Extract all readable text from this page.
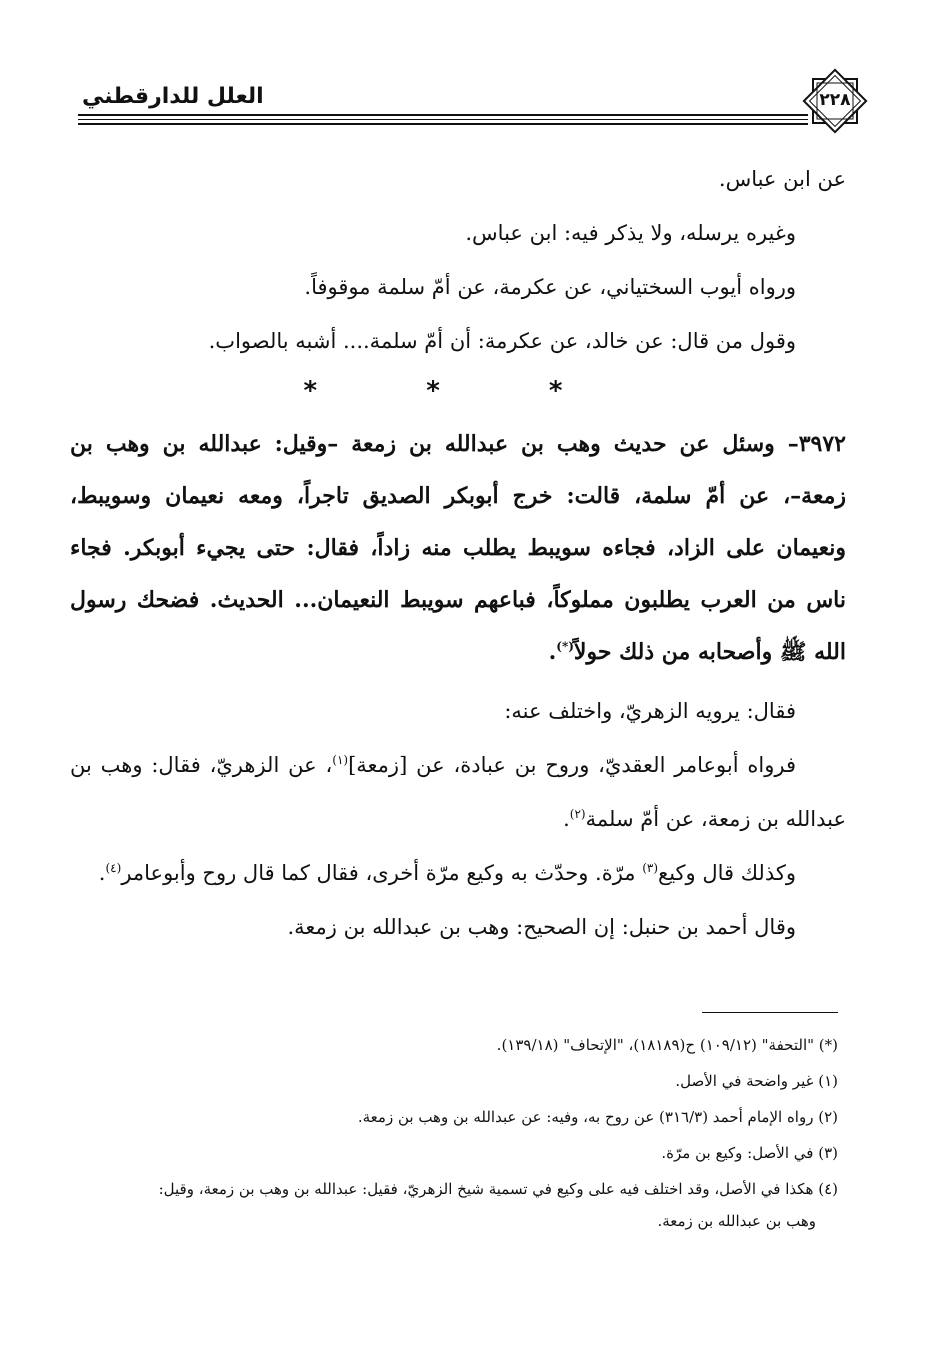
العلل للدارقطني	٢٢٨

عن ابن عباس.

وغيره يرسله، ولا يذكر فيه: ابن عباس.

ورواه أيوب السختياني، عن عكرمة، عن أمّ سلمة موقوفاً.

وقول من قال: عن خالد، عن عكرمة: أن أمّ سلمة.... أشبه بالصواب.

* * *

٣٩٧٢– وسئل عن حديث وهب بن عبدالله بن زمعة –وقيل: عبدالله بن وهب بن زمعة–، عن أمّ سلمة، قالت: خرج أبوبكر الصديق تاجراً، ومعه نعيمان وسويبط، ونعيمان على الزاد، فجاءه سويبط يطلب منه زاداً، فقال: حتى يجيء أبوبكر. فجاء ناس من العرب يطلبون مملوكاً، فباعهم سويبط النعيمان... الحديث. فضحك رسول الله ﷺ وأصحابه من ذلك حولاً(*).

فقال: يرويه الزهريّ، واختلف عنه:

فرواه أبوعامر العقديّ، وروح بن عبادة، عن [زمعة]$^{(١)}$، عن الزهريّ، فقال: وهب بن عبدالله بن زمعة، عن أمّ سلمة$^{(٢)}$.

وكذلك قال وكيع$^{(٣)}$ مرّة. وحدّث به وكيع مرّة أخرى، فقال كما قال روح وأبوعامر$^{(٤)}$.

وقال أحمد بن حنبل: إن الصحيح: وهب بن عبدالله بن زمعة.

(*) "التحفة" (١٠٩/١٢) ح(١٨١٨٩)، "الإتحاف" (١٣٩/١٨).

(١) غير واضحة في الأصل.

(٢) رواه الإمام أحمد (٣١٦/٣) عن روح به، وفيه: عن عبدالله بن وهب بن زمعة.

(٣) في الأصل: وكيع بن مرّة.

(٤) هكذا في الأصل، وقد اختلف فيه على وكيع في تسمية شيخ الزهريّ، فقيل: عبدالله بن وهب بن زمعة، وقيل:

وهب بن عبدالله بن زمعة.
